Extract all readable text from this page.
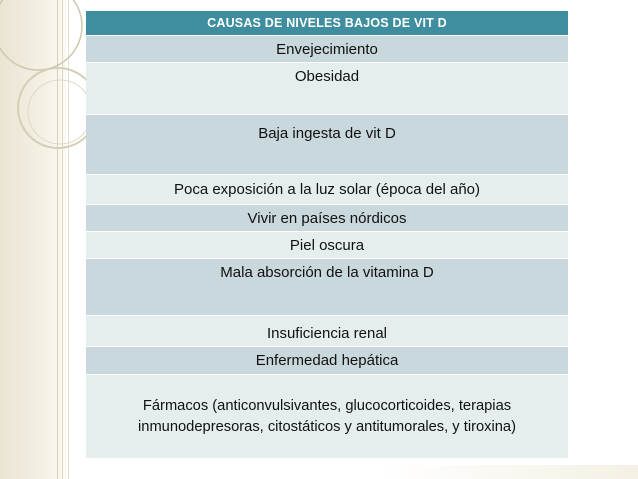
CAUSAS DE NIVELES BAJOS DE VIT D
Envejecimiento
Obesidad
Baja ingesta de vit D
Poca exposición a la luz solar (época del año)
Vivir en países nórdicos
Piel oscura
Mala absorción de la vitamina D
Insuficiencia renal
Enfermedad hepática
Fármacos (anticonvulsivantes, glucocorticoides, terapias inmunodepresoras, citostáticos y antitumorales, y tiroxina)
